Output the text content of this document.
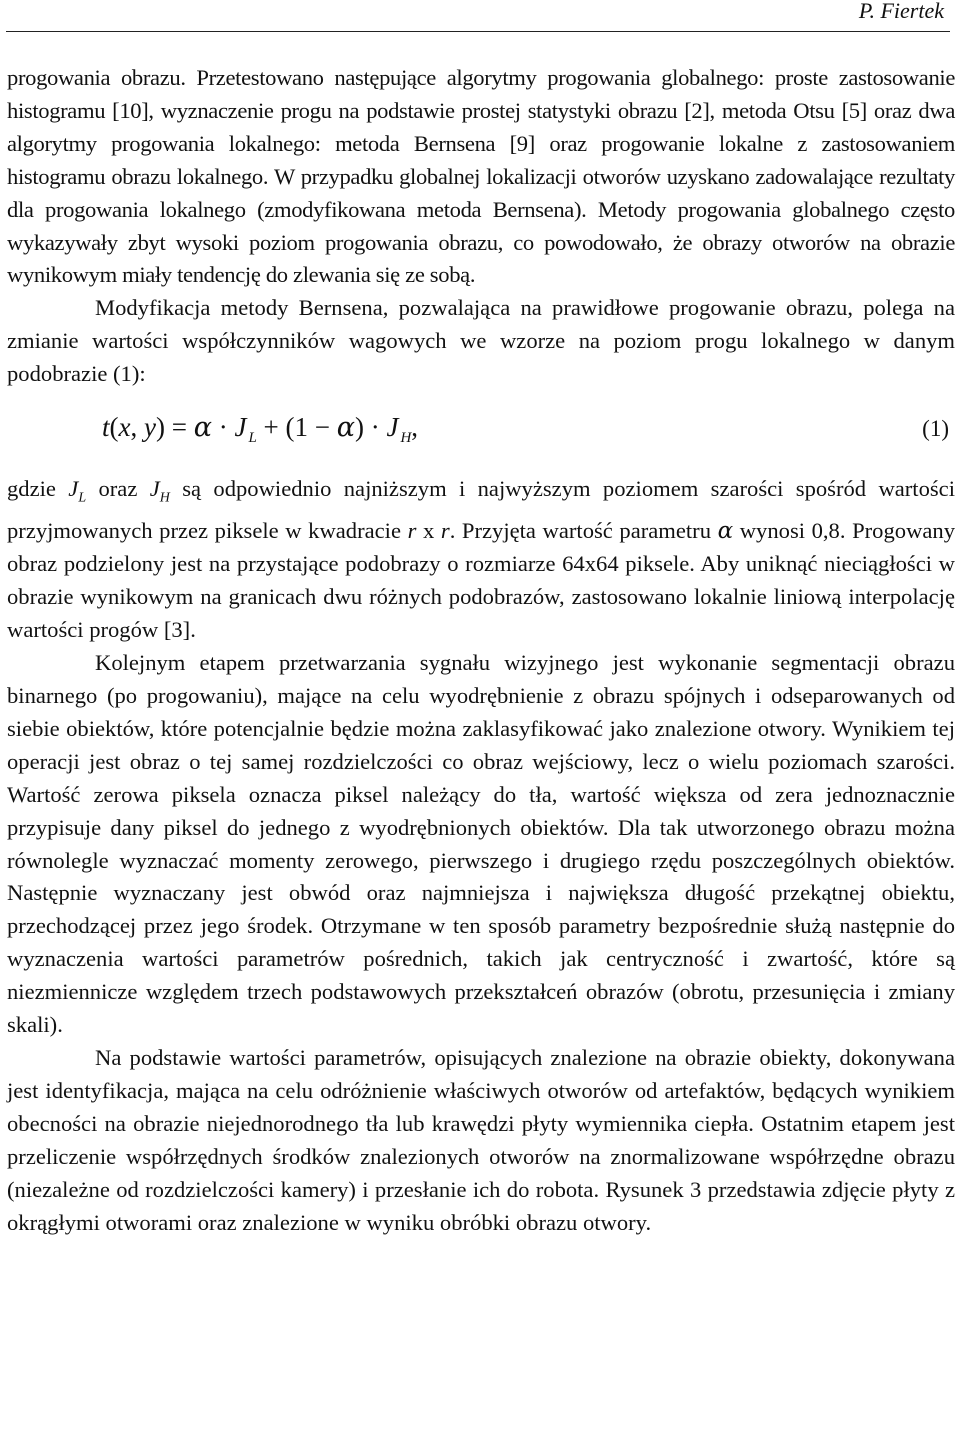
P. Fiertek

progowania obrazu. Przetestowano następujące algorytmy progowania globalnego: proste zastosowanie histogramu [10], wyznaczenie progu na podstawie prostej statystyki obrazu [2], metoda Otsu [5] oraz dwa algorytmy progowania lokalnego: metoda Bernsena [9] oraz progowanie lokalne z zastosowaniem histogramu obrazu lokalnego. W przypadku globalnej lokalizacji otworów uzyskano zadowalające rezultaty dla progowania lokalnego (zmodyfikowana metoda Bernsena). Metody progowania globalnego często wykazywały zbyt wysoki poziom progowania obrazu, co powodowało, że obrazy otworów na obrazie wynikowym miały tendencję do zlewania się ze sobą.

Modyfikacja metody Bernsena, pozwalająca na prawidłowe progowanie obrazu, polega na zmianie wartości współczynników wagowych we wzorze na poziom progu lokalnego w danym podobrazie (1):

t(x, y) = α · J $_L$ + (1 − α) · J $_H$,	(1)

gdzie $J_L$ oraz $J_H$ są odpowiednio najniższym i najwyższym poziomem szarości spośród wartości przyjmowanych przez piksele w kwadracie r x r. Przyjęta wartość parametru α wynosi 0,8. Progowany obraz podzielony jest na przystające podobrazy o rozmiarze 64x64 piksele. Aby uniknąć nieciągłości w obrazie wynikowym na granicach dwu różnych podobrazów, zastosowano lokalnie liniową interpolację wartości progów [3].

Kolejnym etapem przetwarzania sygnału wizyjnego jest wykonanie segmentacji obrazu binarnego (po progowaniu), mające na celu wyodrębnienie z obrazu spójnych i odseparowanych od siebie obiektów, które potencjalnie będzie można zaklasyfikować jako znalezione otwory. Wynikiem tej operacji jest obraz o tej samej rozdzielczości co obraz wejściowy, lecz o wielu poziomach szarości. Wartość zerowa piksela oznacza piksel należący do tła, wartość większa od zera jednoznacznie przypisuje dany piksel do jednego z wyodrębnionych obiektów. Dla tak utworzonego obrazu można równolegle wyznaczać momenty zerowego, pierwszego i drugiego rzędu poszczególnych obiektów. Następnie wyznaczany jest obwód oraz najmniejsza i największa długość przekątnej obiektu, przechodzącej przez jego środek. Otrzymane w ten sposób parametry bezpośrednie służą następnie do wyznaczenia wartości parametrów pośrednich, takich jak centryczność i zwartość, które są niezmiennicze względem trzech podstawowych przekształceń obrazów (obrotu, przesunięcia i zmiany skali).

Na podstawie wartości parametrów, opisujących znalezione na obrazie obiekty, dokonywana jest identyfikacja, mająca na celu odróżnienie właściwych otworów od artefaktów, będących wynikiem obecności na obrazie niejednorodnego tła lub krawędzi płyty wymiennika ciepła. Ostatnim etapem jest przeliczenie współrzędnych środków znalezionych otworów na znormalizowane współrzędne obrazu (niezależne od rozdzielczości kamery) i przesłanie ich do robota. Rysunek 3 przedstawia zdjęcie płyty z okrągłymi otworami oraz znalezione w wyniku obróbki obrazu otwory.
